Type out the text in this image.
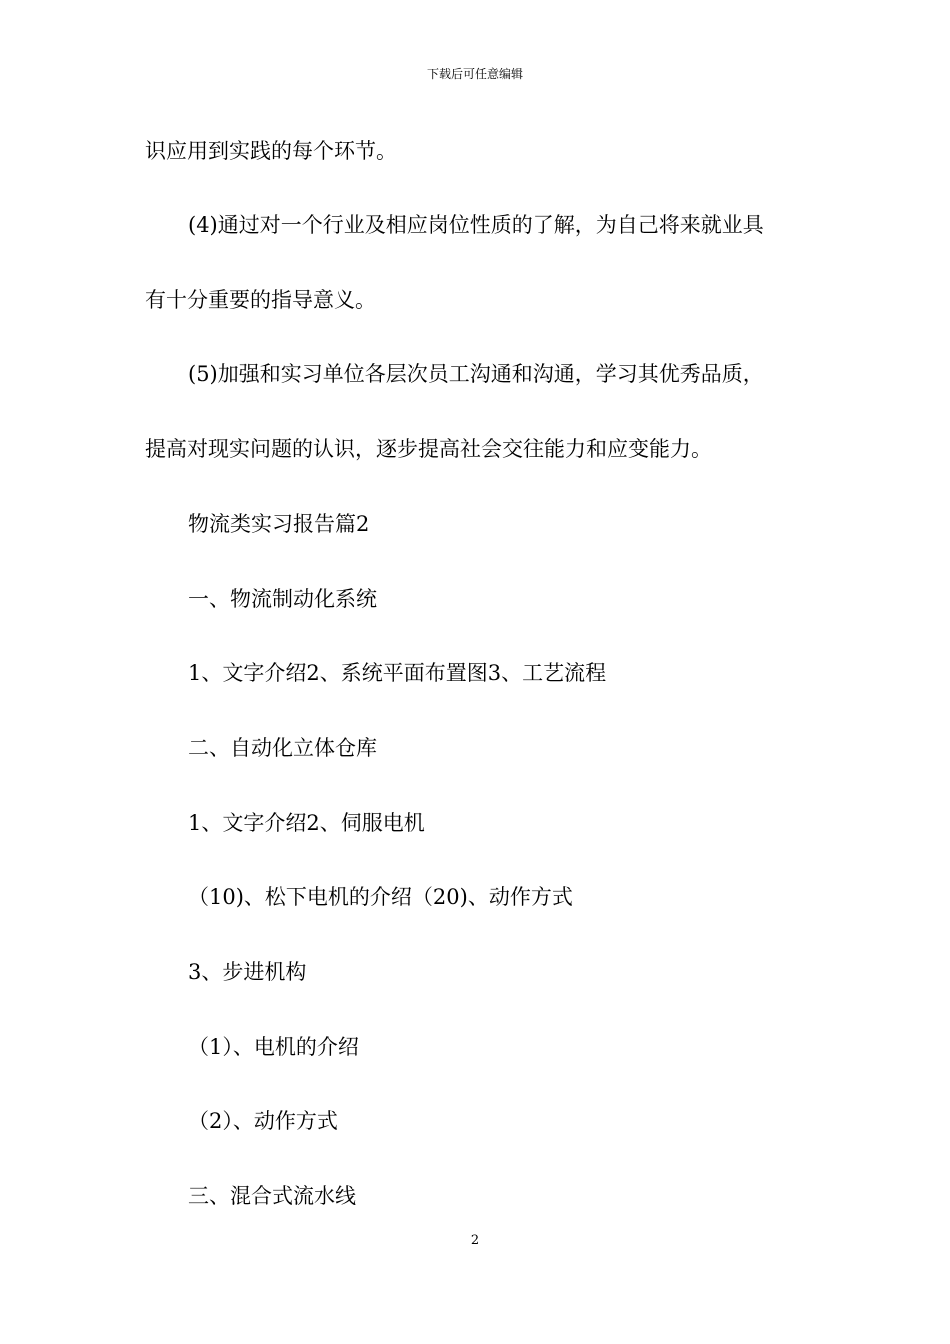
下载后可任意编辑
识应用到实践的每个环节。
(4)通过对一个行业及相应岗位性质的了解，为自己将来就业具
有十分重要的指导意义。
(5)加强和实习单位各层次员工沟通和沟通，学习其优秀品质，
提高对现实问题的认识，逐步提高社会交往能力和应变能力。
物流类实习报告篇2
一、物流制动化系统
1、文字介绍2、系统平面布置图3、工艺流程
二、自动化立体仓库
1、文字介绍2、伺服电机
（10)、松下电机的介绍（20)、动作方式
3、步进机构
（1）、电机的介绍
（2）、动作方式
三、混合式流水线
2
